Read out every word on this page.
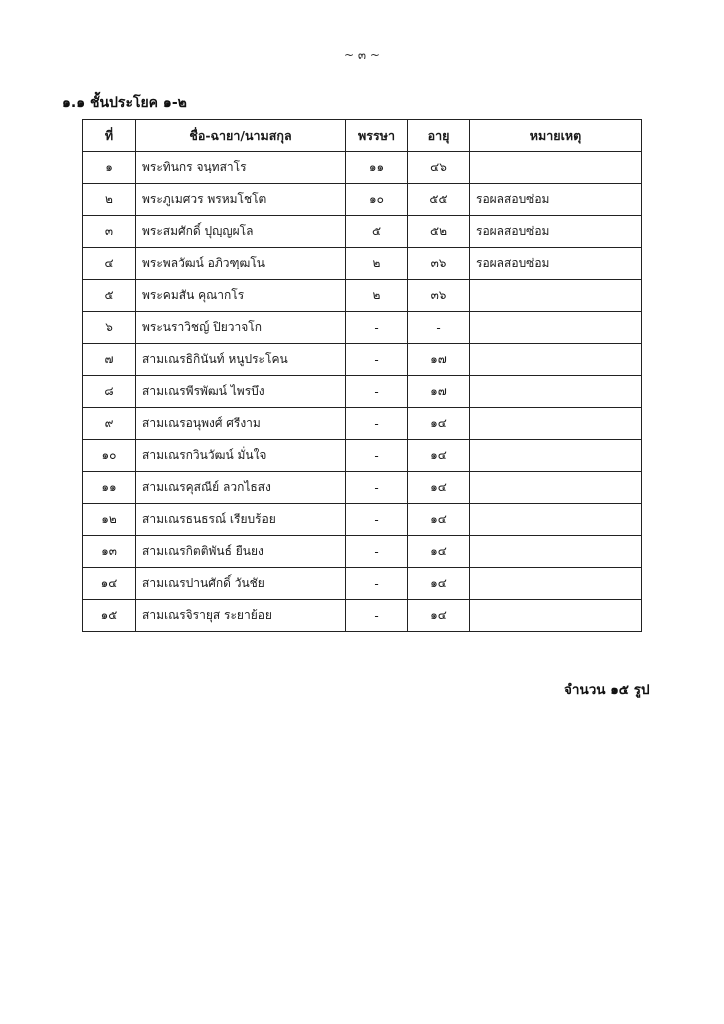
~ ๓ ~
๑.๑ ชั้นประโยค ๑-๒
ที่	ชื่อ-ฉายา/นามสกุล	พรรษา	อายุ	หมายเหตุ
๑	พระทินกร จนฺทสาโร	๑๑	๔๖	
๒	พระภูเมศวร พรหมโชโต	๑๐	๕๕	รอผลสอบซ่อม
๓	พระสมศักดิ์ ปุญฺญผโล	๕	๕๒	รอผลสอบซ่อม
๔	พระพลวัฒน์ อภิวฑฺฒโน	๒	๓๖	รอผลสอบซ่อม
๕	พระคมสัน คุณากโร	๒	๓๖	
๖	พระนราวิชญ์ ปิยวาจโก	-	-	
๗	สามเณรธิกินันท์ หนูประโคน	-	๑๗	
๘	สามเณรพีรพัฒน์ ไพรบึง	-	๑๗	
๙	สามเณรอนุพงศ์ ศรีงาม	-	๑๔	
๑๐	สามเณรกวินวัฒน์ มั่นใจ	-	๑๔	
๑๑	สามเณรคุสณีย์ ลวกไธสง	-	๑๔	
๑๒	สามเณรธนธรณ์ เรียบร้อย	-	๑๔	
๑๓	สามเณรกิตติพันธ์ ยืนยง	-	๑๔	
๑๔	สามเณรปานศักดิ์ วันชัย	-	๑๔	
๑๕	สามเณรจิรายุส ระยาย้อย	-	๑๔	
จำนวน ๑๕ รูป
